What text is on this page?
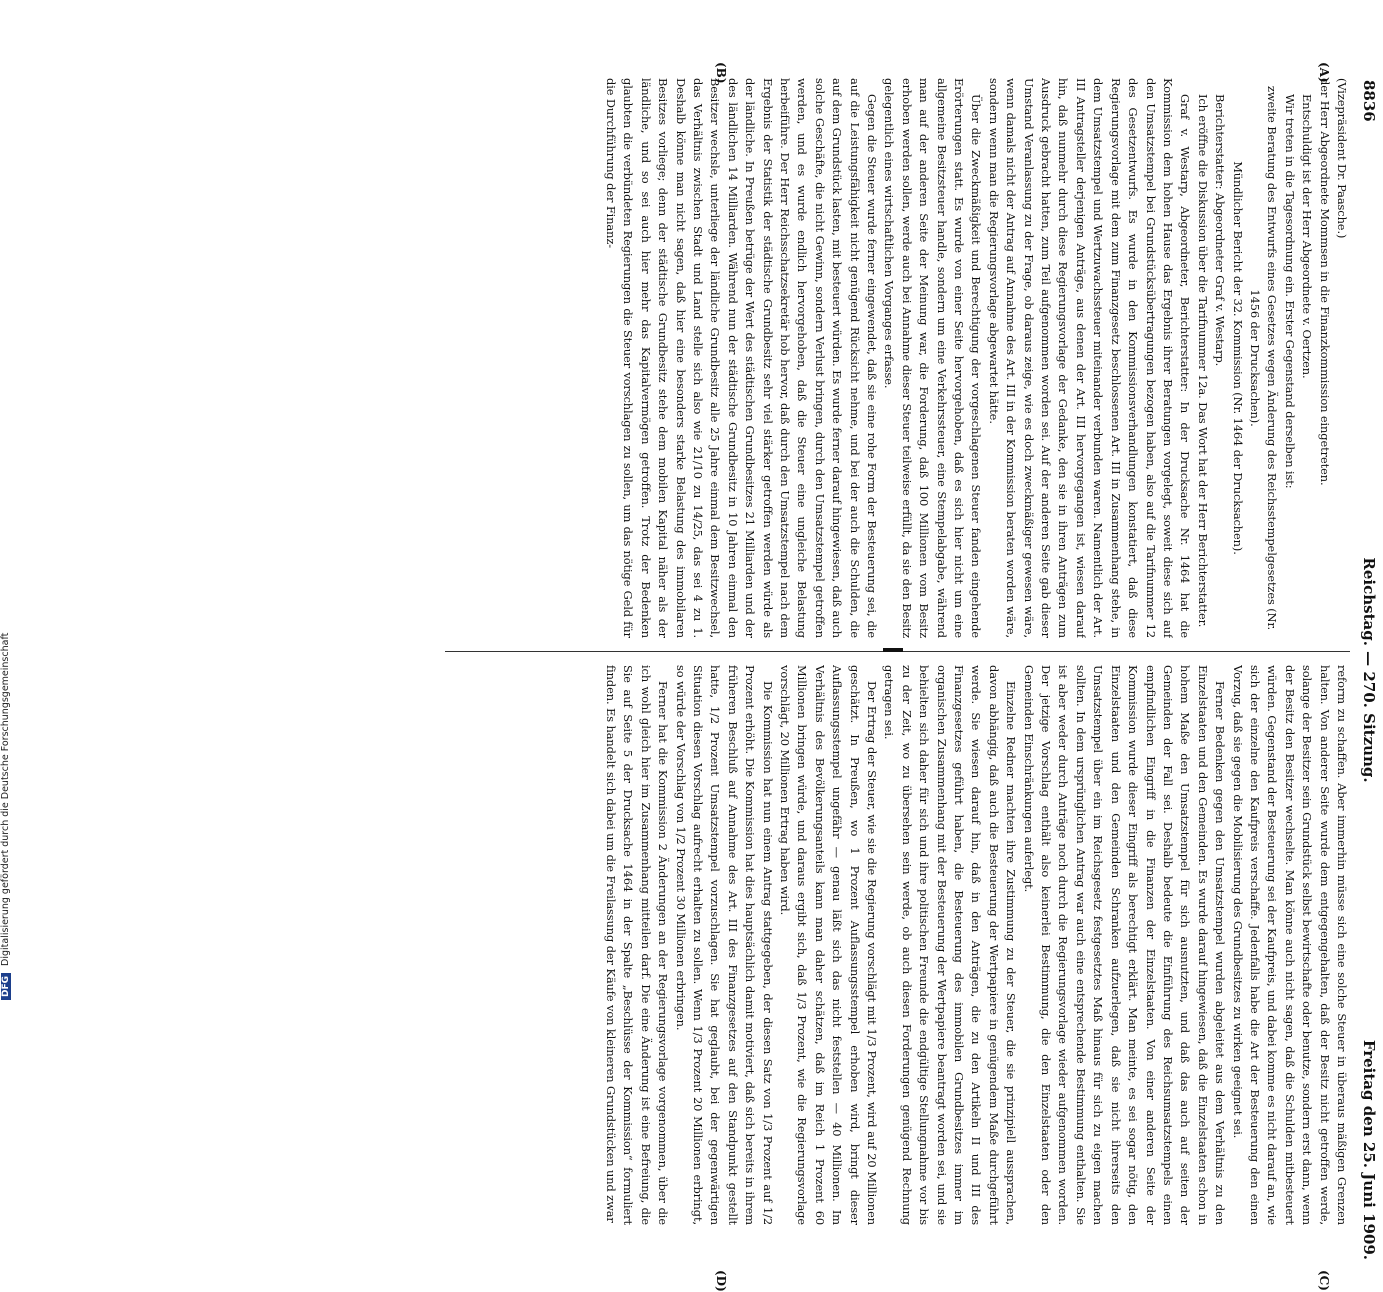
8836
Reichstag. — 270. Sitzung.
Freitag den 25. Juni 1909.
(A)
(B)
(C)
(D)

(Vizepräsident Dr. Paasche.)

der Herr Abgeordnete Mommsen in die Finanzkommission eingetreten.

Entschuldigt ist der Herr Abgeordnete v. Oertzen.

Wir treten in die Tagesordnung ein. Erster Gegenstand derselben ist:

zweite Beratung des Entwurfs eines Gesetzes wegen Änderung des Reichsstempelgesetzes (Nr. 1456 der Drucksachen).

Mündlicher Bericht der 32. Kommission (Nr. 1464 der Drucksachen).

Berichterstatter: Abgeordneter Graf v. Westarp.

Ich eröffne die Diskussion über die Tarifnummer 12a. Das Wort hat der Herr Berichterstatter.

Graf v. Westarp, Abgeordneter, Berichterstatter: In der Drucksache Nr. 1464 hat die Kommission dem hohen Hause das Ergebnis ihrer Beratungen vorgelegt, soweit diese sich auf den Umsatzstempel bei Grundstücksübertragungen bezogen haben, also auf die Tarifnummer 12 des Gesetzentwurfs. Es wurde in den Kommissionsverhandlungen konstatiert, daß diese Regierungsvorlage mit dem zum Finanzgesetz beschlossenen Art. III in Zusammenhang stehe, in dem Umsatzstempel und Wertzuwachssteuer miteinander verbunden waren. Namentlich der Art. III Antragsteller derjenigen Anträge, aus denen der Art. III hervorgegangen ist, wiesen darauf hin, daß nunmehr durch diese Regierungsvorlage der Gedanke, den sie in ihren Anträgen zum Ausdruck gebracht hatten, zum Teil aufgenommen worden sei. Auf der anderen Seite gab dieser Umstand Veranlassung zu der Frage, ob daraus zeige, wie es doch zweckmäßiger gewesen wäre, wenn damals nicht der Antrag auf Annahme des Art. III in der Kommission beraten worden wäre, sondern wenn man die Regierungsvorlage abgewartet hätte.

Über die Zweckmäßigkeit und Berechtigung der vorgeschlagenen Steuer fanden eingehende Erörterungen statt. Es wurde von einer Seite hervorgehoben, daß es sich hier nicht um eine allgemeine Besitzsteuer handle, sondern um eine Verkehrssteuer, eine Stempelabgabe, während man auf der anderen Seite der Meinung war, die Forderung, daß 100 Millionen vom Besitz erhoben werden sollen, werde auch bei Annahme dieser Steuer teilweise erfüllt, da sie den Besitz gelegentlich eines wirtschaftlichen Vorganges erfasse.

Gegen die Steuer wurde ferner eingewendet, daß sie eine rohe Form der Besteuerung sei, die auf die Leistungsfähigkeit nicht genügend Rücksicht nehme, und bei der auch die Schulden, die auf dem Grundstück lasten, mit besteuert würden. Es wurde ferner darauf hingewiesen, daß auch solche Geschäfte, die nicht Gewinn, sondern Verlust bringen, durch den Umsatzstempel getroffen werden, und es wurde endlich hervorgehoben, daß die Steuer eine ungleiche Belastung herbeiführe. Der Herr Reichsschatzsekretär hob hervor, daß durch den Umsatzstempel nach dem Ergebnis der Statistik der städtische Grundbesitz sehr viel stärker getroffen werden würde als der ländliche. In Preußen betrüge der Wert des städtischen Grundbesitzes 21 Milliarden und der des ländlichen 14 Milliarden. Während nun der städtische Grundbesitz in 10 Jahren einmal den Besitzer wechsle, unterliege der ländliche Grundbesitz alle 25 Jahre einmal dem Besitzwechsel, das Verhältnis zwischen Stadt und Land stelle sich also wie 21/10 zu 14/25, das sei 4 zu 1. Deshalb könne man nicht sagen, daß hier eine besonders starke Belastung des immobilaren Besitzes vorliege; denn der städtische Grundbesitz stehe dem mobilen Kapital näher als der ländliche, und so sei auch hier mehr das Kapitalvermögen getroffen. Trotz der Bedenken glaubten die verbündeten Regierungen die Steuer vorschlagen zu sollen, um das nötige Geld für die Durchführung der Finanz-

reform zu schaffen. Aber immerhin müsse sich eine solche Steuer in überaus mäßigen Grenzen halten. Von anderer Seite wurde dem entgegengehalten, daß der Besitz nicht getroffen werde, solange der Besitzer sein Grundstück selbst bewirtschafte oder benutze, sondern erst dann, wenn der Besitz den Besitzer wechselte. Man könne auch nicht sagen, daß die Schulden mitbesteuert würden. Gegenstand der Besteuerung sei der Kaufpreis, und dabei komme es nicht darauf an, wie sich der einzelne den Kaufpreis verschaffe. Jedenfalls habe die Art der Besteuerung den einen Vorzug, daß sie gegen die Mobilisierung des Grundbesitzes zu wirken geeignet sei.

Ferner Bedenken gegen den Umsatzstempel wurden abgeleitet aus dem Verhältnis zu den Einzelstaaten und den Gemeinden. Es wurde darauf hingewiesen, daß die Einzelstaaten schon in hohem Maße den Umsatzstempel für sich ausnutzten, und daß das auch auf seiten der Gemeinden der Fall sei. Deshalb bedeute die Einführung des Reichsumsatzstempels einen empfindlichen Eingriff in die Finanzen der Einzelstaaten. Von einer anderen Seite der Kommission wurde dieser Eingriff als berechtigt erklärt. Man meinte, es sei sogar nötig, den Einzelstaaten und den Gemeinden Schranken aufzuerlegen, daß sie nicht ihrerseits den Umsatzstempel über ein im Reichsgesetz festgesetztes Maß hinaus für sich zu eigen machen sollten. In dem ursprünglichen Antrag war auch eine entsprechende Bestimmung enthalten. Sie ist aber weder durch Anträge noch durch die Regierungsvorlage wieder aufgenommen worden. Der jetzige Vorschlag enthält also keinerlei Bestimmung, die den Einzelstaaten oder den Gemeinden Einschränkungen auferlegt.

Einzelne Redner machten ihre Zustimmung zu der Steuer, die sie prinzipiell aussprachen, davon abhängig, daß auch die Besteuerung der Wertpapiere in genügendem Maße durchgeführt werde. Sie wiesen darauf hin, daß in den Anträgen, die zu den Artikeln II und III des Finanzgesetzes geführt haben, die Besteuerung des immobilen Grundbesitzes immer im organischen Zusammenhang mit der Besteuerung der Wertpapiere beantragt worden sei, und sie behielten sich daher für sich und ihre politischen Freunde die endgültige Stellungnahme vor bis zu der Zeit, wo zu übersehen sein werde, ob auch diesen Forderungen genügend Rechnung getragen sei.

Der Ertrag der Steuer, wie sie die Regierung vorschlägt mit 1/3 Prozent, wird auf 20 Millionen geschätzt. In Preußen, wo 1 Prozent Auflassungsstempel erhoben wird, bringt dieser Auflassungsstempel ungefähr — genau läßt sich das nicht feststellen — 40 Millionen. Im Verhältnis des Bevölkerungsanteils kann man daher schätzen, daß im Reich 1 Prozent 60 Millionen bringen würde, und daraus ergibt sich, daß 1/3 Prozent, wie die Regierungsvorlage vorschlägt, 20 Millionen Ertrag haben wird.

Die Kommission hat nun einem Antrag stattgegeben, der diesen Satz von 1/3 Prozent auf 1/2 Prozent erhöht. Die Kommission hat dies hauptsächlich damit motiviert, daß sich bereits in ihrem früheren Beschluß auf Annahme des Art. III des Finanzgesetzes auf den Standpunkt gestellt hatte, 1/2 Prozent Umsatzstempel vorzuschlagen. Sie hat geglaubt, bei der gegenwärtigen Situation diesen Vorschlag aufrecht erhalten zu sollen. Wenn 1/3 Prozent 20 Millionen erbringt, so würde der Vorschlag von 1/2 Prozent 30 Millionen erbringen.

Ferner hat die Kommission 2 Änderungen an der Regierungsvorlage vorgenommen, über die ich wohl gleich hier im Zusammenhang mitteilen darf. Die eine Änderung ist eine Befreiung, die Sie auf Seite 5 der Drucksache 1464 in der Spalte „Beschlüsse der Kommission“ formuliert finden. Es handelt sich dabei um die Freilassung der Käufe von kleineren Grundstücken und zwar

DFG Digitalisierung gefördert durch die Deutsche Forschungsgemeinschaft
